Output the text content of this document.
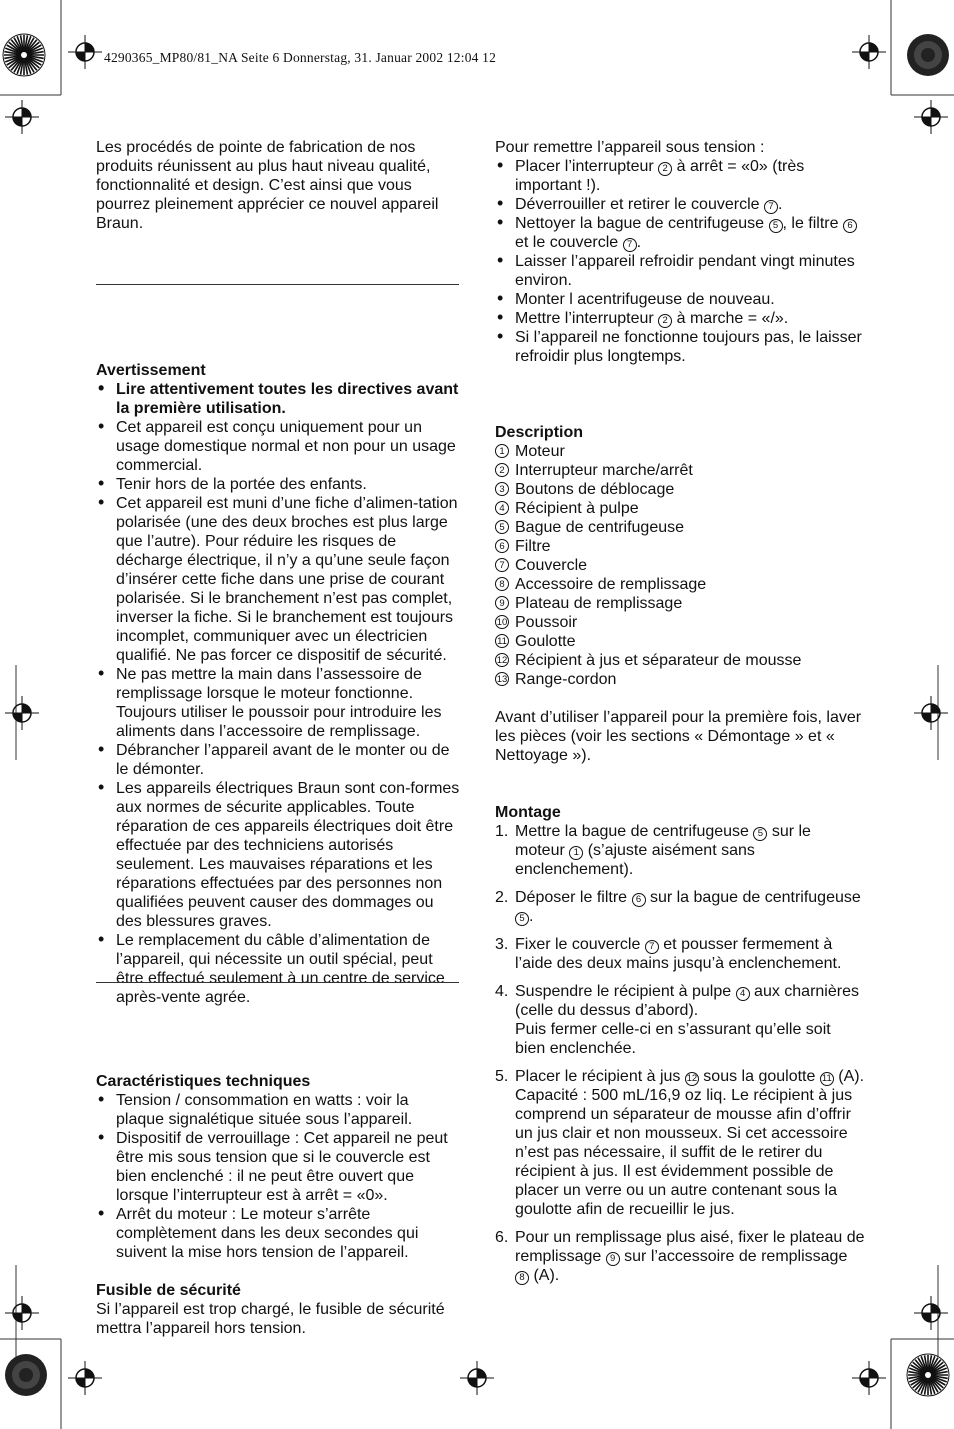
4290365_MP80/81_NA Seite 6 Donnerstag, 31. Januar 2002 12:04 12

Les procédés de pointe de fabrication de nos produits réunissent au plus haut niveau qualité, fonctionnalité et design. C’est ainsi que vous pourrez pleinement apprécier ce nouvel appareil Braun.

Avertissement

• Lire attentivement toutes les directives avant la première utilisation.
• Cet appareil est conçu uniquement pour un usage domestique normal et non pour un usage commercial.
• Tenir hors de la portée des enfants.
• Cet appareil est muni d’une fiche d’alimen-tation polarisée (une des deux broches est plus large que l’autre). Pour réduire les risques de décharge électrique, il n’y a qu’une seule façon d’insérer cette fiche dans une prise de courant polarisée. Si le branchement n’est pas complet, inverser la fiche. Si le branchement est toujours incomplet, communiquer avec un électricien qualifié. Ne pas forcer ce dispositif de sécurité.
• Ne pas mettre la main dans l’assessoire de remplissage lorsque le moteur fonctionne. Toujours utiliser le poussoir pour introduire les aliments dans l’accessoire de remplissage.
• Débrancher l’appareil avant de le monter ou de le démonter.
• Les appareils électriques Braun sont con-formes aux normes de sécurite applicables. Toute réparation de ces appareils électriques doit être effectuée par des techniciens autorisés seulement. Les mauvaises réparations et les réparations effectuées par des personnes non qualifiées peuvent causer des dommages ou des blessures graves.
• Le remplacement du câble d’alimentation de l’appareil, qui nécessite un outil spécial, peut être effectué seulement à un centre de service après-vente agrée.

Caractéristiques techniques

• Tension / consommation en watts : voir la plaque signalétique située sous l’appareil.
• Dispositif de verrouillage : Cet appareil ne peut être mis sous tension que si le couvercle est bien enclenché : il ne peut être ouvert que lorsque l’interrupteur est à arrêt = «0».
• Arrêt du moteur : Le moteur s’arrête complètement dans les deux secondes qui suivent la mise hors tension de l’appareil.

Fusible de sécurité

Si l’appareil est trop chargé, le fusible de sécurité mettra l’appareil hors tension.

Pour remettre l’appareil sous tension :

• Placer l’interrupteur 2 à arrêt = «0» (très important !).
• Déverrouiller et retirer le couvercle 7 .
• Nettoyer la bague de centrifugeuse 5 , le filtre 6 et le couvercle 7 .
• Laisser l’appareil refroidir pendant vingt minutes environ.
• Monter l acentrifugeuse de nouveau.
• Mettre l’interrupteur 2 à marche = «/».
• Si l’appareil ne fonctionne toujours pas, le laisser refroidir plus longtemps.

Description

1 Moteur
2 Interrupteur marche/arrêt
3 Boutons de déblocage
4 Récipient à pulpe
5 Bague de centrifugeuse
6 Filtre
7 Couvercle
8 Accessoire de remplissage
9 Plateau de remplissage
10 Poussoir
11 Goulotte
12 Récipient à jus et séparateur de mousse
13 Range-cordon

Avant d’utiliser l’appareil pour la première fois, laver les pièces (voir les sections « Démontage » et « Nettoyage »).

Montage

1. Mettre la bague de centrifugeuse 5 sur le moteur 1 (s’ajuste aisément sans enclenchement).
2. Déposer le filtre 6 sur la bague de centrifugeuse 5 .
3. Fixer le couvercle 7 et pousser fermement à l’aide des deux mains jusqu’à enclenchement.
4. Suspendre le récipient à pulpe 4 aux charnières (celle du dessus d’abord).
Puis fermer celle-ci en s’assurant qu’elle soit bien enclenchée.
5. Placer le récipient à jus 12 sous la goulotte 11 (A). Capacité : 500 mL/16,9 oz liq. Le récipient à jus comprend un séparateur de mousse afin d’offrir un jus clair et non mousseux. Si cet accessoire n’est pas nécessaire, il suffit de le retirer du récipient à jus. Il est évidemment possible de placer un verre ou un autre contenant sous la goulotte afin de recueillir le jus.
6. Pour un remplissage plus aisé, fixer le plateau de remplissage 9 sur l’accessoire de remplissage 8 (A).
